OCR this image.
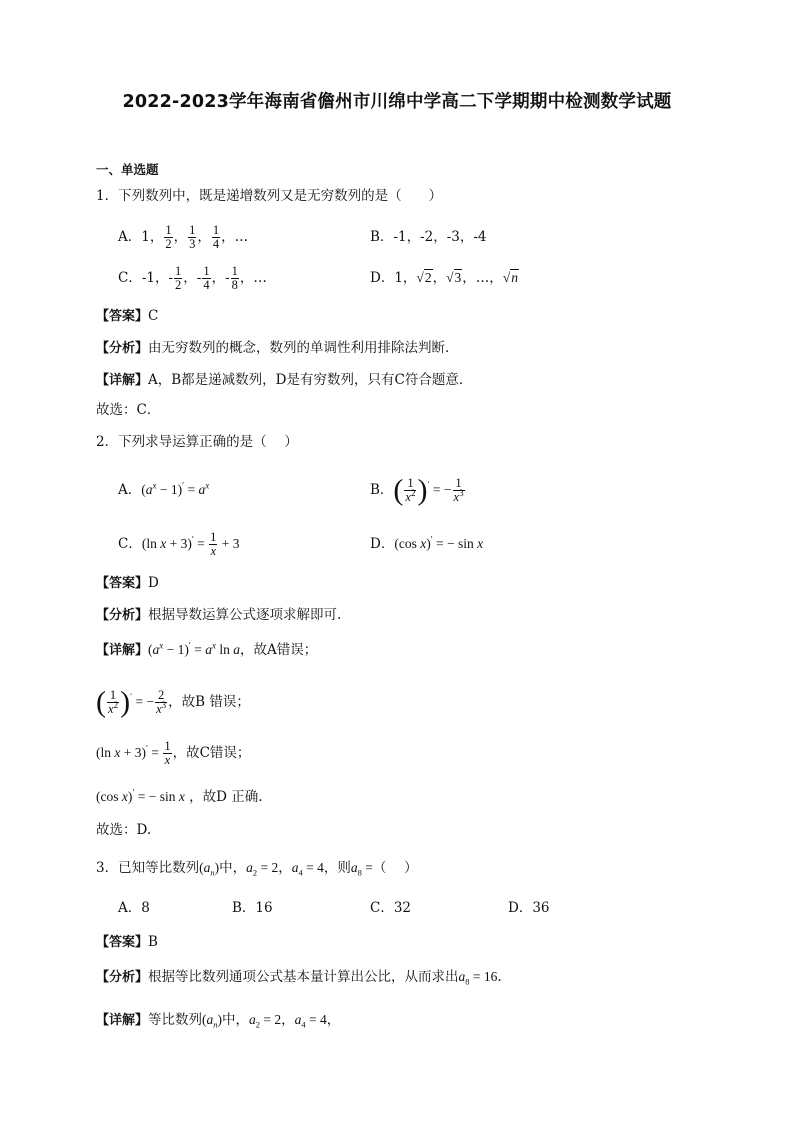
2022-2023学年海南省儋州市川绵中学高二下学期期中检测数学试题
一、单选题
1．下列数列中，既是递增数列又是无穷数列的是（　　）
A．1， $\frac{1}{2}$ ， $\frac{1}{3}$ ， $\frac{1}{4}$ ，…	B．-1，-2，-3，-4
C．-1，- $\frac{1}{2}$ ，- $\frac{1}{4}$ ，- $\frac{1}{8}$ ，…	D．1，√2，√3，…，√n
【答案】C
【分析】由无穷数列的概念，数列的单调性利用排除法判断．
【详解】A，B都是递减数列，D是有穷数列，只有C符合题意．
故选：C．
2．下列求导运算正确的是（　 ）
A．$(a^x - 1)' = a^x$	B．( $\frac{1}{x^2} )'$ = − $\frac{1}{x^3}$
C．(ln $x + 3)' = \frac{1}{x} + 3$	D．(cos x)′ = − sin x
【答案】D
【分析】根据导数运算公式逐项求解即可.
【详解】$(a^x - 1)' = a^x$ ln a，故A错误；
( $\frac{1}{x^2} )'$ = − $\frac{2}{x^3}$ ，故B 错误；
(ln $x + 3)' = \frac{1}{x}$ ，故C错误；
(cos x)′ = − sin x ，故D 正确.
故选：D.
3．已知等比数列$(a_n)$中，$a_2 = 2$，$a_4 = 4$，则$a_8$ =（　 ）
A．8	B．16	C．32	D．36
【答案】B
【分析】根据等比数列通项公式基本量计算出公比，从而求出$a_8 = 16$.
【详解】等比数列$(a_n)$中，$a_2 = 2$，$a_4 = 4$，
